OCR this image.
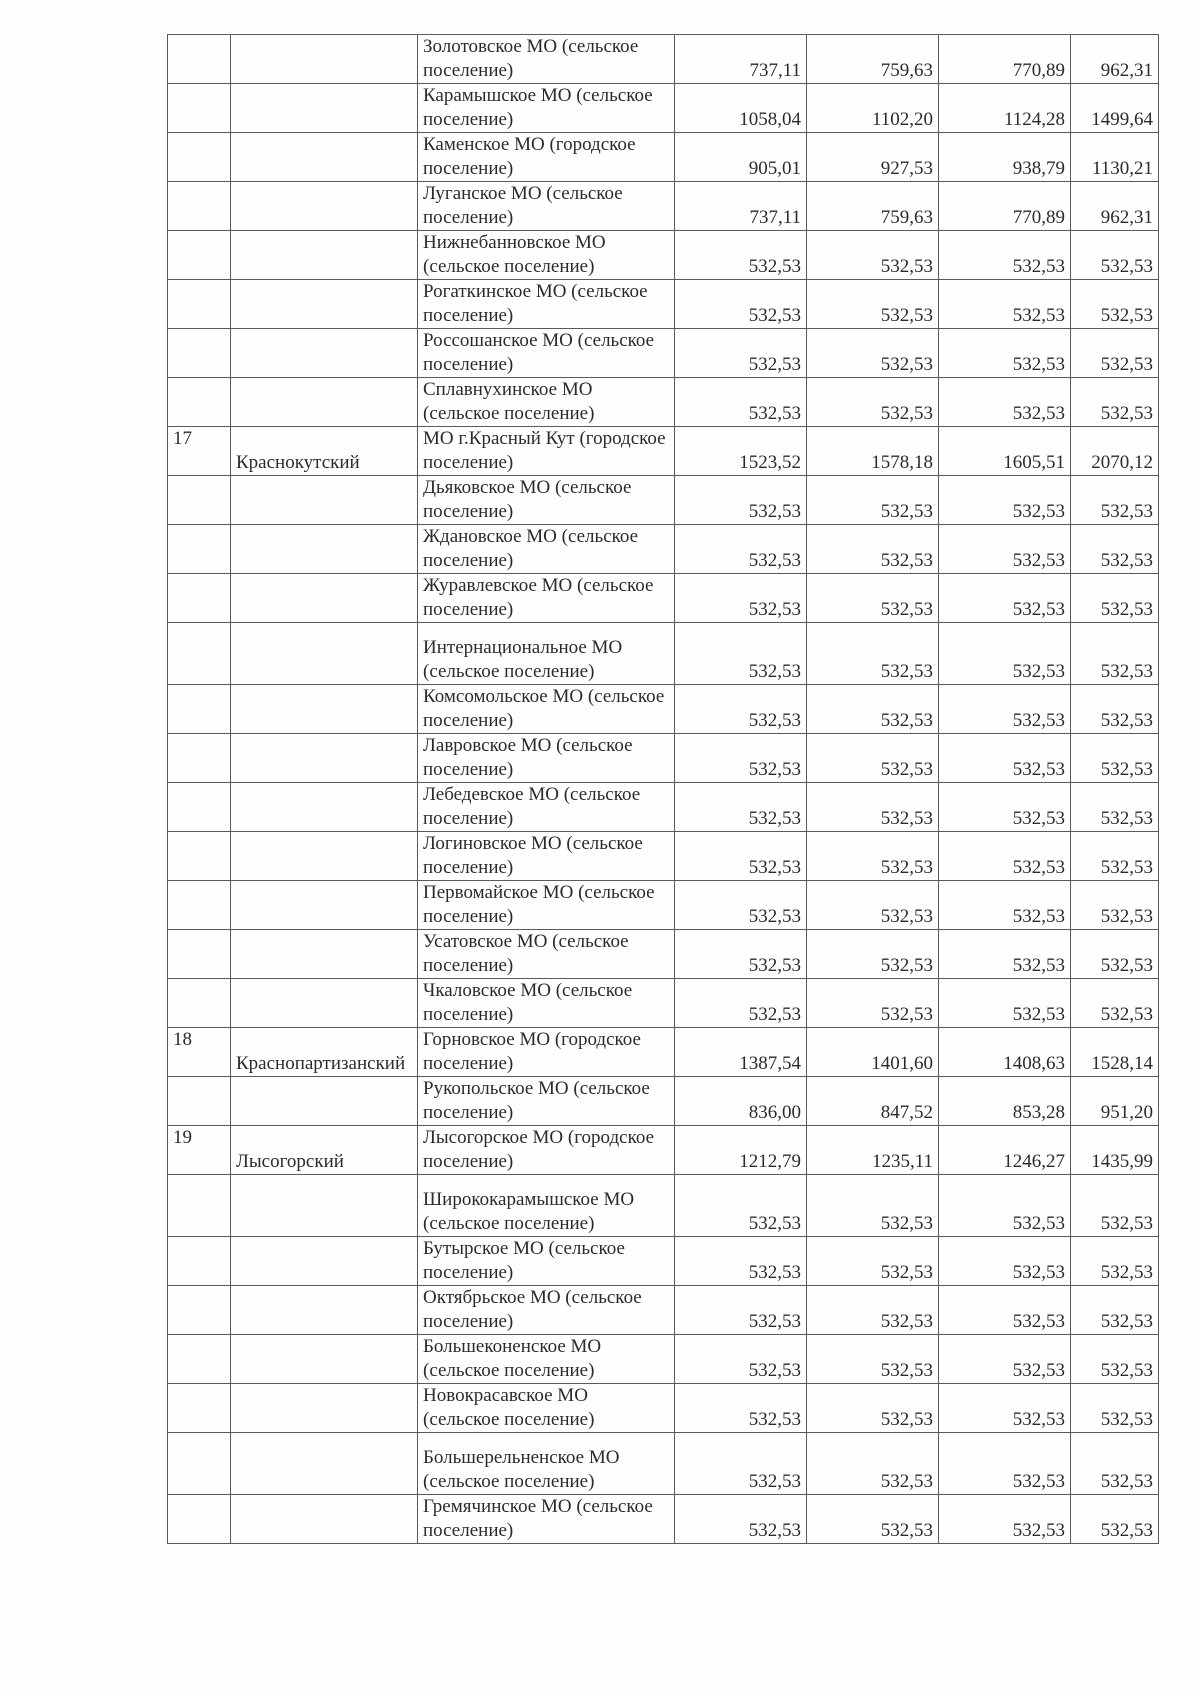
		Золотовское МО (сельское поселение)	737,11	759,63	770,89	962,31
		Карамышское МО (сельское поселение)	1058,04	1102,20	1124,28	1499,64
		Каменское МО (городское поселение)	905,01	927,53	938,79	1130,21
		Луганское МО (сельское поселение)	737,11	759,63	770,89	962,31
		Нижнебанновское МО (сельское поселение)	532,53	532,53	532,53	532,53
		Рогаткинское МО (сельское поселение)	532,53	532,53	532,53	532,53
		Россошанское МО (сельское поселение)	532,53	532,53	532,53	532,53
		Сплавнухинское МО (сельское поселение)	532,53	532,53	532,53	532,53
17	Краснокутский	МО г.Красный Кут (городское поселение)	1523,52	1578,18	1605,51	2070,12
		Дьяковское МО (сельское поселение)	532,53	532,53	532,53	532,53
		Ждановское МО (сельское поселение)	532,53	532,53	532,53	532,53
		Журавлевское МО (сельское поселение)	532,53	532,53	532,53	532,53
		Интернациональное МО (сельское поселение)	532,53	532,53	532,53	532,53
		Комсомольское МО (сельское поселение)	532,53	532,53	532,53	532,53
		Лавровское МО (сельское поселение)	532,53	532,53	532,53	532,53
		Лебедевское МО (сельское поселение)	532,53	532,53	532,53	532,53
		Логиновское МО (сельское поселение)	532,53	532,53	532,53	532,53
		Первомайское МО (сельское поселение)	532,53	532,53	532,53	532,53
		Усатовское МО (сельское поселение)	532,53	532,53	532,53	532,53
		Чкаловское МО (сельское поселение)	532,53	532,53	532,53	532,53
18	Краснопартизанский	Горновское МО (городское поселение)	1387,54	1401,60	1408,63	1528,14
		Рукопольское МО (сельское поселение)	836,00	847,52	853,28	951,20
19	Лысогорский	Лысогорское МО (городское поселение)	1212,79	1235,11	1246,27	1435,99
		Ширококарамышское МО (сельское поселение)	532,53	532,53	532,53	532,53
		Бутырское МО (сельское поселение)	532,53	532,53	532,53	532,53
		Октябрьское МО (сельское поселение)	532,53	532,53	532,53	532,53
		Большеконенское МО (сельское поселение)	532,53	532,53	532,53	532,53
		Новокрасавское МО (сельское поселение)	532,53	532,53	532,53	532,53
		Большерельненское МО (сельское поселение)	532,53	532,53	532,53	532,53
		Гремячинское МО (сельское поселение)	532,53	532,53	532,53	532,53
